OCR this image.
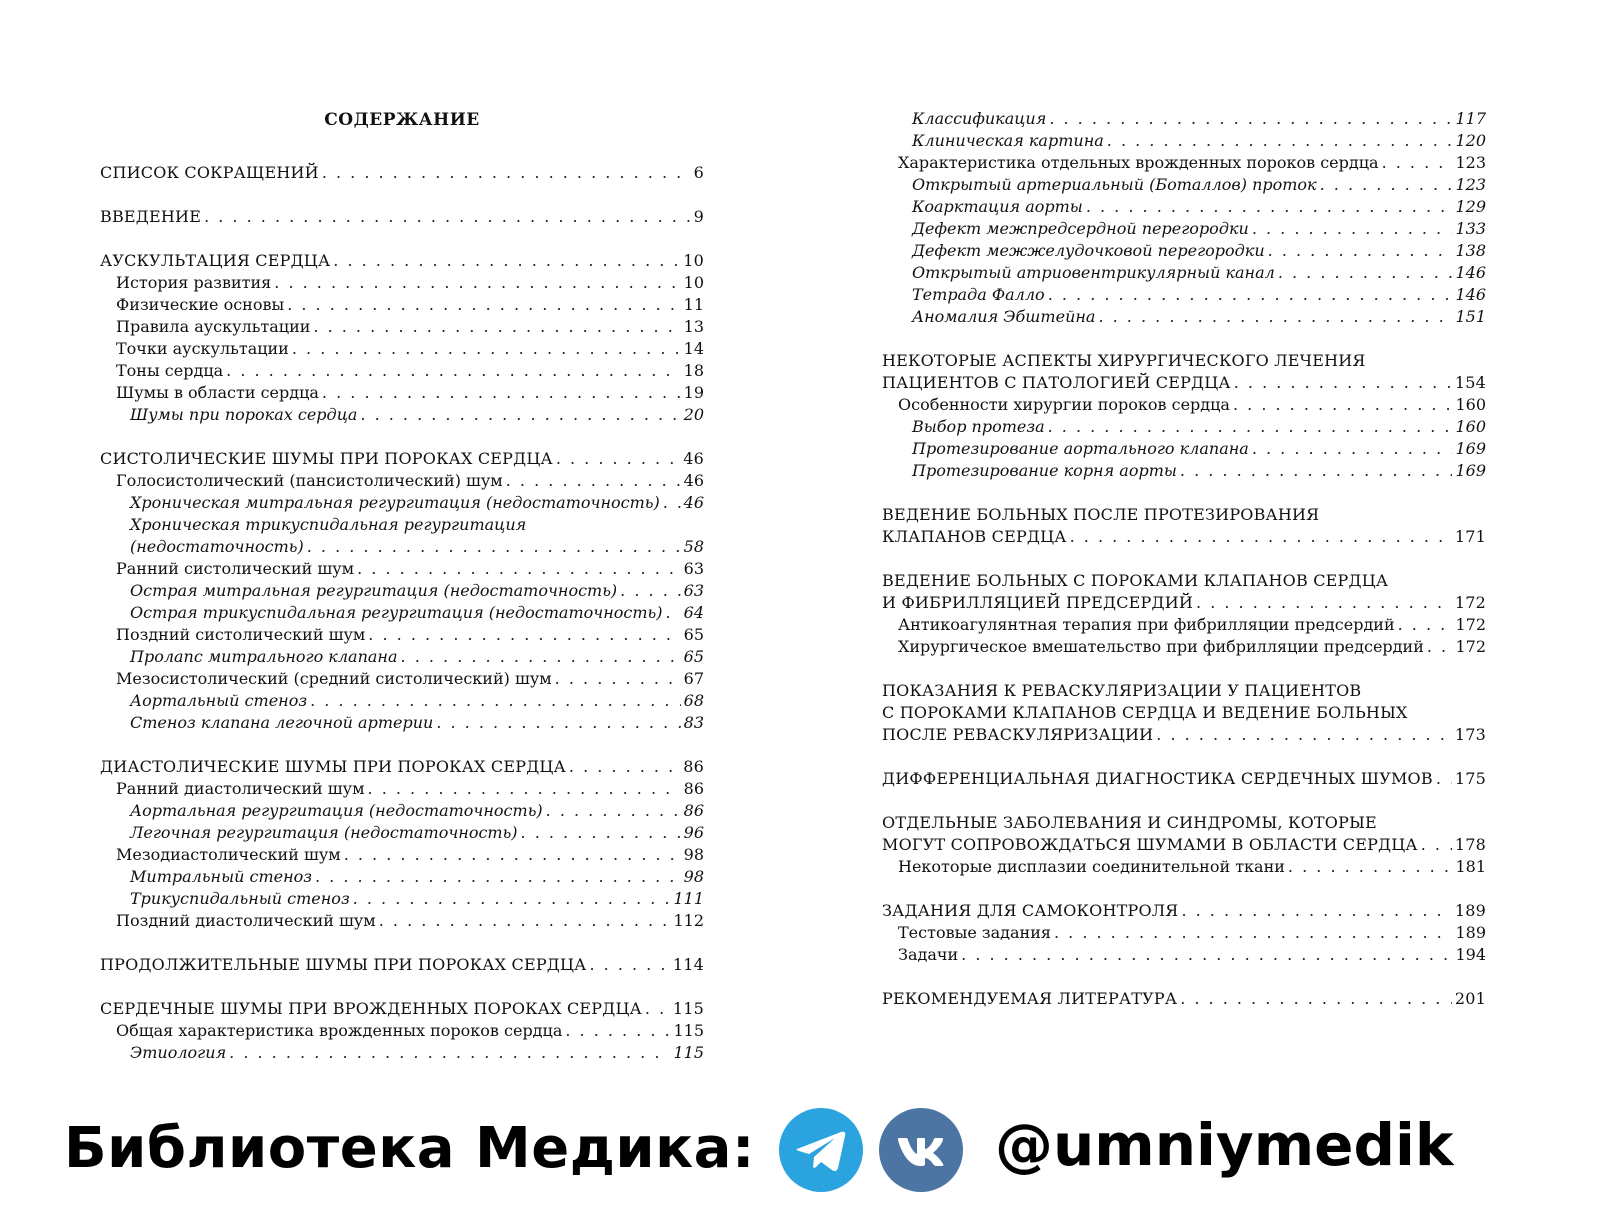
СОДЕРЖАНИЕ
СПИСОК СОКРАЩЕНИЙ . . .	6
ВВЕДЕНИЕ . . .	9
АУСКУЛЬТАЦИЯ СЕРДЦА . . .	10
История развития . . .	10
Физические основы . . .	11
Правила аускультации . . .	13
Точки аускультации . . .	14
Тоны сердца . . .	18
Шумы в области сердца . . .	19
Шумы при пороках сердца . . .	20
СИСТОЛИЧЕСКИЕ ШУМЫ ПРИ ПОРОКАХ СЕРДЦА . . .	46
Голосистолический (пансистолический) шум . . .	46
Хроническая митральная регургитация (недостаточность) . . . 46
Хроническая трикуспидальная регургитация
(недостаточность) . . .	58
Ранний систолический шум . . .	63
Острая митральная регургитация (недостаточность) . . .	63
Острая трикуспидальная регургитация (недостаточность) . . . 64
Поздний систолический шум . . .	65
Пролапс митрального клапана . . .	65
Мезосистолический (средний систолический) шум . . .	67
Аортальный стеноз . . .	68
Стеноз клапана легочной артерии . . .	83
ДИАСТОЛИЧЕСКИЕ ШУМЫ ПРИ ПОРОКАХ СЕРДЦА . . .	86
Ранний диастолический шум . . .	86
Аортальная регургитация (недостаточность) . . .	86
Легочная регургитация (недостаточность) . . .	96
Мезодиастолический шум . . .	98
Митральный стеноз . . .	98
Трикуспидальный стеноз . . .	111
Поздний диастолический шум . . .	112
ПРОДОЛЖИТЕЛЬНЫЕ ШУМЫ ПРИ ПОРОКАХ СЕРДЦА . . .	114
СЕРДЕЧНЫЕ ШУМЫ ПРИ ВРОЖДЕННЫХ ПОРОКАХ СЕРДЦА . . . 115
Общая характеристика врожденных пороков сердца . . .	115
Этиология . . .	115
Классификация . . .	117
Клиническая картина . . .	120
Характеристика отдельных врожденных пороков сердца . . .	123
Открытый артериальный (Боталлов) проток . . .	123
Коарктация аорты . . .	129
Дефект межпредсердной перегородки . . .	133
Дефект межжелудочковой перегородки . . .	138
Открытый атриовентрикулярный канал . . .	146
Тетрада Фалло . . .	146
Аномалия Эбштейна . . .	151
НЕКОТОРЫЕ АСПЕКТЫ ХИРУРГИЧЕСКОГО ЛЕЧЕНИЯ
ПАЦИЕНТОВ С ПАТОЛОГИЕЙ СЕРДЦА . . .	154
Особенности хирургии пороков сердца . . .	160
Выбор протеза . . .	160
Протезирование аортального клапана . . .	169
Протезирование корня аорты . . .	169
ВЕДЕНИЕ БОЛЬНЫХ ПОСЛЕ ПРОТЕЗИРОВАНИЯ
КЛАПАНОВ СЕРДЦА . . .	171
ВЕДЕНИЕ БОЛЬНЫХ С ПОРОКАМИ КЛАПАНОВ СЕРДЦА
И ФИБРИЛЛЯЦИЕЙ ПРЕДСЕРДИЙ . . .	172
Антикоагулянтная терапия при фибрилляции предсердий . . .	172
Хирургическое вмешательство при фибрилляции предсердий . . . 172
ПОКАЗАНИЯ К РЕВАСКУЛЯРИЗАЦИИ У ПАЦИЕНТОВ
С ПОРОКАМИ КЛАПАНОВ СЕРДЦА И ВЕДЕНИЕ БОЛЬНЫХ
ПОСЛЕ РЕВАСКУЛЯРИЗАЦИИ . . .	173
ДИФФЕРЕНЦИАЛЬНАЯ ДИАГНОСТИКА СЕРДЕЧНЫХ ШУМОВ . . . 175
ОТДЕЛЬНЫЕ ЗАБОЛЕВАНИЯ И СИНДРОМЫ, КОТОРЫЕ
МОГУТ СОПРОВОЖДАТЬСЯ ШУМАМИ В ОБЛАСТИ СЕРДЦА . . . 178
Некоторые дисплазии соединительной ткани . . .	181
ЗАДАНИЯ ДЛЯ САМОКОНТРОЛЯ . . .	189
Тестовые задания . . .	189
Задачи . . .	194
РЕКОМЕНДУЕМАЯ ЛИТЕРАТУРА . . .	201
Библиотека Медика:	@umniymedik
